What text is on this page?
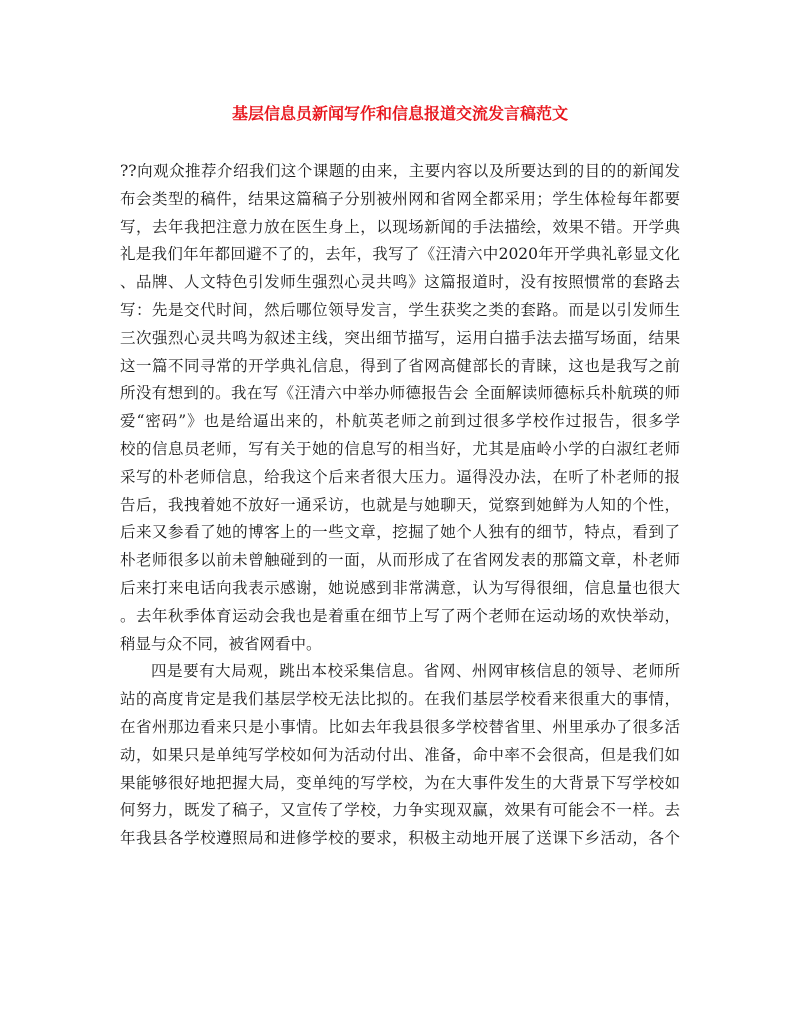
基层信息员新闻写作和信息报道交流发言稿范文
??向观众推荐介绍我们这个课题的由来，主要内容以及所要达到的目的的新闻发
布会类型的稿件，结果这篇稿子分别被州网和省网全都采用；学生体检每年都要
写，去年我把注意力放在医生身上，以现场新闻的手法描绘，效果不错。开学典
礼是我们年年都回避不了的，去年，我写了《汪清六中2020年开学典礼彰显文化
、品牌、人文特色引发师生强烈心灵共鸣》这篇报道时，没有按照惯常的套路去
写：先是交代时间，然后哪位领导发言，学生获奖之类的套路。而是以引发师生
三次强烈心灵共鸣为叙述主线，突出细节描写，运用白描手法去描写场面，结果
这一篇不同寻常的开学典礼信息，得到了省网高健部长的青睐，这也是我写之前
所没有想到的。我在写《汪清六中举办师德报告会 全面解读师德标兵朴航瑛的师
爱“密码”》也是给逼出来的，朴航英老师之前到过很多学校作过报告，很多学
校的信息员老师，写有关于她的信息写的相当好，尤其是庙岭小学的白淑红老师
采写的朴老师信息，给我这个后来者很大压力。逼得没办法，在听了朴老师的报
告后，我拽着她不放好一通采访，也就是与她聊天，觉察到她鲜为人知的个性，
后来又参看了她的博客上的一些文章，挖掘了她个人独有的细节，特点，看到了
朴老师很多以前未曾触碰到的一面，从而形成了在省网发表的那篇文章，朴老师
后来打来电话向我表示感谢，她说感到非常满意，认为写得很细，信息量也很大
。去年秋季体育运动会我也是着重在细节上写了两个老师在运动场的欢快举动，
稍显与众不同，被省网看中。
四是要有大局观，跳出本校采集信息。省网、州网审核信息的领导、老师所
站的高度肯定是我们基层学校无法比拟的。在我们基层学校看来很重大的事情，
在省州那边看来只是小事情。比如去年我县很多学校替省里、州里承办了很多活
动，如果只是单纯写学校如何为活动付出、准备，命中率不会很高，但是我们如
果能够很好地把握大局，变单纯的写学校，为在大事件发生的大背景下写学校如
何努力，既发了稿子，又宣传了学校，力争实现双赢，效果有可能会不一样。去
年我县各学校遵照局和进修学校的要求，积极主动地开展了送课下乡活动，各个
